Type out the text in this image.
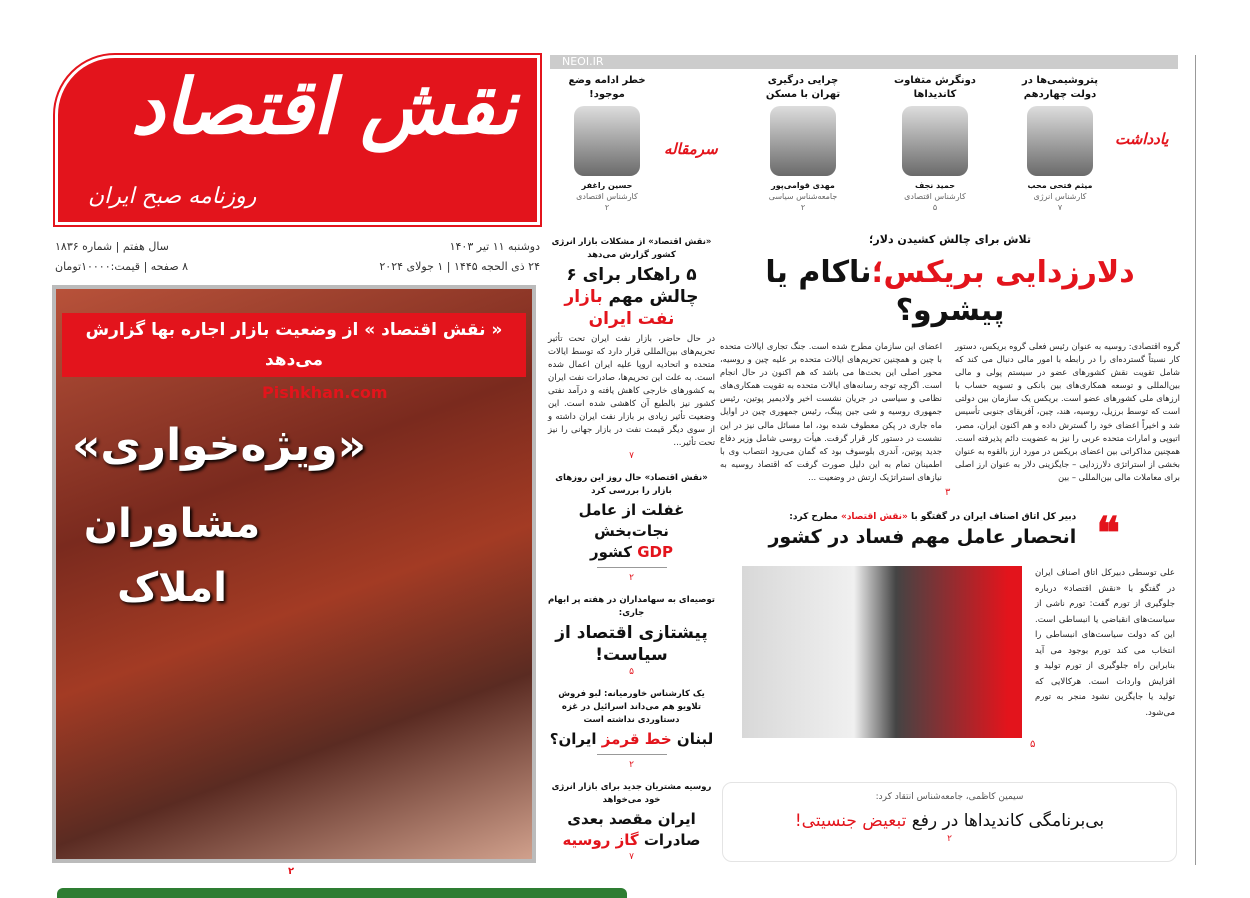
نقش اقتصاد
روزنامه صبح ایران
دوشنبه ۱۱ تیر ۱۴۰۳
۲۴ ذی الحجه ۱۴۴۵ | ۱ جولای ۲۰۲۴
سال هفتم | شماره ۱۸۳۶
۸ صفحه | قیمت:۱۰۰۰۰تومان
« نقش اقتصاد » از وضعیت بازار اجاره بها گزارش می‌دهد
Pishkhan.com
«ویژه‌خواری»
مشاوران املاک
۲
NEOI.IR
یادداشت
سرمقاله
پتروشیمی‌ها در دولت چهاردهم
میثم فتحی محب
کارشناس انرژی
۷
دونگرش متفاوت کاندیداها
حمید نجف
کارشناس اقتصادی
۵
چرایی درگیری تهران با مسکن
مهدی قوامی‌پور
جامعه‌شناس سیاسی
۲
خطر ادامه وضع موجود!
حسین راغفر
کارشناس اقتصادی
۲
«نقش اقتصاد» از مشکلات بازار انرژی کشور گزارش می‌دهد
۵ راهکار برای ۶ چالش مهم بازار نفت ایران
در حال حاضر، بازار نفت ایران تحت تأثیر تحریم‌های بین‌المللی قرار دارد که توسط ایالات متحده و اتحادیه اروپا علیه ایران اعمال شده است. به علت این تحریم‌ها، صادرات نفت ایران به کشورهای خارجی کاهش یافته و درآمد نفتی کشور نیز بالطبع آن کاهشی شده است. این وضعیت تأثیر زیادی بر بازار نفت ایران داشته و از سوی دیگر قیمت نفت در بازار جهانی را نیز تحت تأثیر...
۷
«نقش اقتصاد» حال روز این روزهای بازار را بررسی کرد
غفلت از عامل نجات‌بخش
GDP کشور
۲
توصیه‌ای به سهامداران در هفته پر ابهام جاری:
پیشتازی اقتصاد از سیاست!
۵
یک کارشناس خاورمیانه: لبو فروش تلاویو هم می‌داند اسرائیل در غزه دستاوردی نداشته است
لبنان خط قرمز ایران؟
۲
روسیه مشتریان جدید برای بازار انرژی خود می‌خواهد
ایران مقصد بعدی صادرات گاز روسیه
۷
تلاش برای چالش کشیدن دلار؛
دلارزدایی بریکس؛ناکام یا پیشرو؟
گروه اقتصادی: روسیه به عنوان رئیس فعلی گروه بریکس، دستور کار نسبتاً گسترده‌ای را در رابطه با امور مالی دنبال می کند که شامل تقویت نقش کشورهای عضو در سیستم پولی و مالی بین‌المللی و توسعه همکاری‌های بین بانکی و تسویه حساب با ارزهای ملی کشورهای عضو است. بریکس یک سازمان بین دولتی است که توسط برزیل، روسیه، هند، چین، آفریقای جنوبی تأسیس شد و اخیراً اعضای خود را گسترش داده و هم اکنون ایران، مصر، اتیوپی و امارات متحده عربی را نیز به عضویت دائم پذیرفته است. همچنین مذاکراتی بین اعضای بریکس در مورد ارز بالقوه به عنوان بخشی از استراتژی دلارزدایی – جایگزینی دلار به عنوان ارز اصلی برای معاملات مالی بین‌المللی – بین
اعضای این سازمان مطرح شده است. جنگ تجاری ایالات متحده با چین و همچنین تحریم‌های ایالات متحده بر علیه چین و روسیه، محور اصلی این بحث‌ها می باشد که هم اکنون در حال انجام است. اگرچه توجه رسانه‌های ایالات متحده به تقویت همکاری‌های نظامی و سیاسی در جریان نشست اخیر ولادیمیر پوتین، رئیس جمهوری روسیه و شی جین پینگ، رئیس جمهوری چین در اوایل ماه جاری در پکن معطوف شده بود، اما مسائل مالی نیز در این نشست در دستور کار قرار گرفت. هیأت روسی شامل وزیر دفاع جدید پوتین، آندری بلوسوف بود که گمان می‌رود انتصاب وی با اطمینان تمام به این دلیل صورت گرفت که اقتصاد روسیه به نیازهای استراتژیک ارتش در وضعیت ...
۳
❝
دبیر کل اتاق اصناف ایران در گفتگو با «نقش اقتصاد» مطرح کرد:
انحصار عامل مهم فساد در کشور
علی توسطی دبیرکل اتاق اصناف ایران در گفتگو با «نقش اقتصاد» درباره جلوگیری از تورم گفت: تورم ناشی از سیاست‌های انقباضی یا انبساطی است. این که دولت سیاست‌های انبساطی را انتخاب می کند تورم بوجود می آید بنابراین راه جلوگیری از تورم تولید و افزایش واردات است. هرکالایی که تولید یا جایگزین نشود منجر به تورم می‌شود.
۵
سیمین کاظمی، جامعه‌شناس انتقاد کرد:
بی‌برنامگی کاندیداها در رفع تبعیض جنسیتی!
۲
